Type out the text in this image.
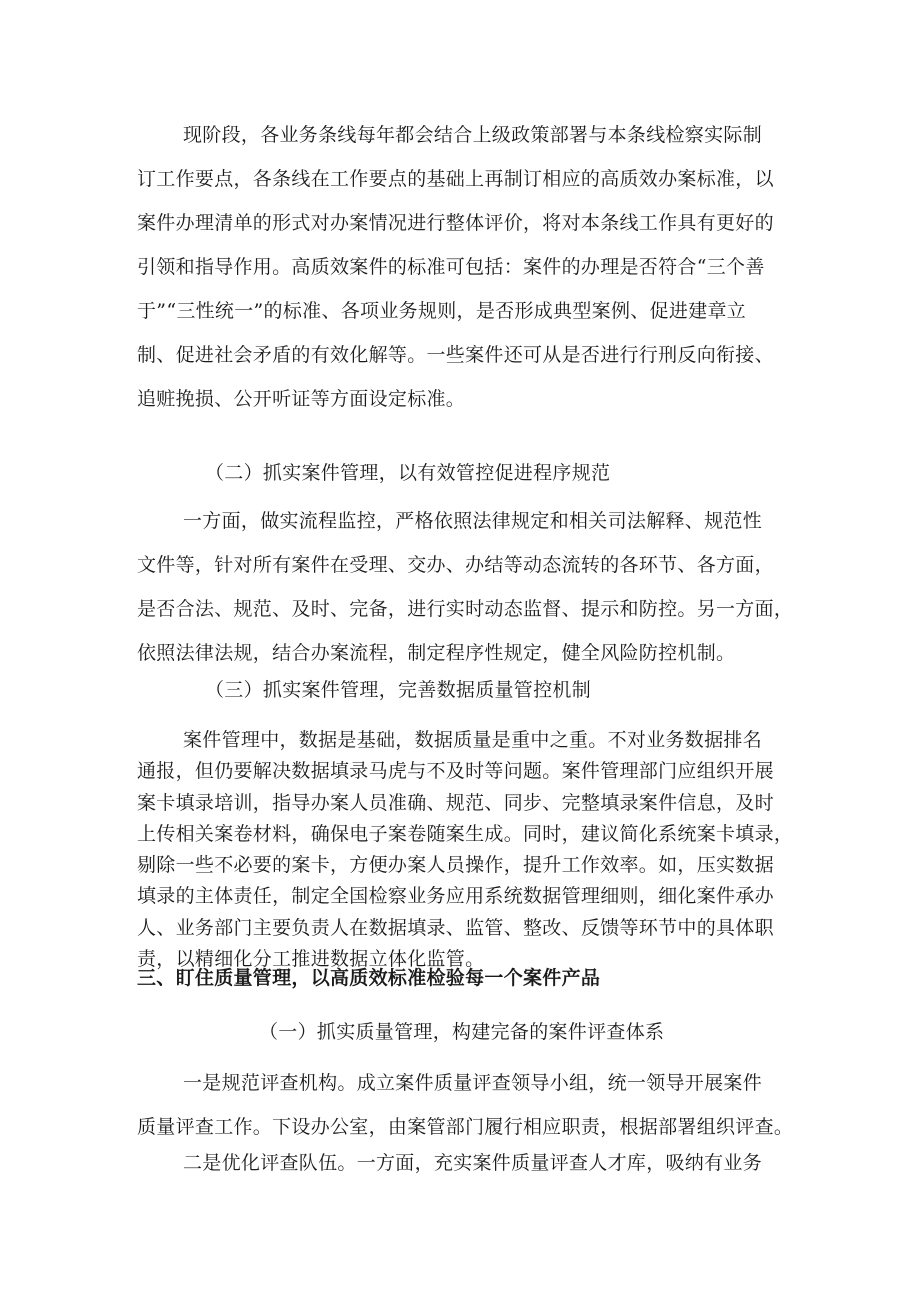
现阶段，各业务条线每年都会结合上级政策部署与本条线检察实际制
订工作要点，各条线在工作要点的基础上再制订相应的高质效办案标准，以
案件办理清单的形式对办案情况进行整体评价，将对本条线工作具有更好的
引领和指导作用。高质效案件的标准可包括：案件的办理是否符合“三个善
于”“三性统一”的标准、各项业务规则，是否形成典型案例、促进建章立
制、促进社会矛盾的有效化解等。一些案件还可从是否进行行刑反向衔接、
追赃挽损、公开听证等方面设定标准。
（二）抓实案件管理，以有效管控促进程序规范
一方面，做实流程监控，严格依照法律规定和相关司法解释、规范性
文件等，针对所有案件在受理、交办、办结等动态流转的各环节、各方面，
是否合法、规范、及时、完备，进行实时动态监督、提示和防控。另一方面，
依照法律法规，结合办案流程，制定程序性规定，健全风险防控机制。
（三）抓实案件管理，完善数据质量管控机制
案件管理中，数据是基础，数据质量是重中之重。不对业务数据排名
通报，但仍要解决数据填录马虎与不及时等问题。案件管理部门应组织开展
案卡填录培训，指导办案人员准确、规范、同步、完整填录案件信息，及时
上传相关案卷材料，确保电子案卷随案生成。同时，建议简化系统案卡填录，
剔除一些不必要的案卡，方便办案人员操作，提升工作效率。如，压实数据
填录的主体责任，制定全国检察业务应用系统数据管理细则，细化案件承办
人、业务部门主要负责人在数据填录、监管、整改、反馈等环节中的具体职
责，以精细化分工推进数据立体化监管。
三、盯住质量管理，以高质效标准检验每一个案件产品
（一）抓实质量管理，构建完备的案件评查体系
一是规范评查机构。成立案件质量评查领导小组，统一领导开展案件
质量评查工作。下设办公室，由案管部门履行相应职责，根据部署组织评查。
二是优化评查队伍。一方面，充实案件质量评查人才库，吸纳有业务
